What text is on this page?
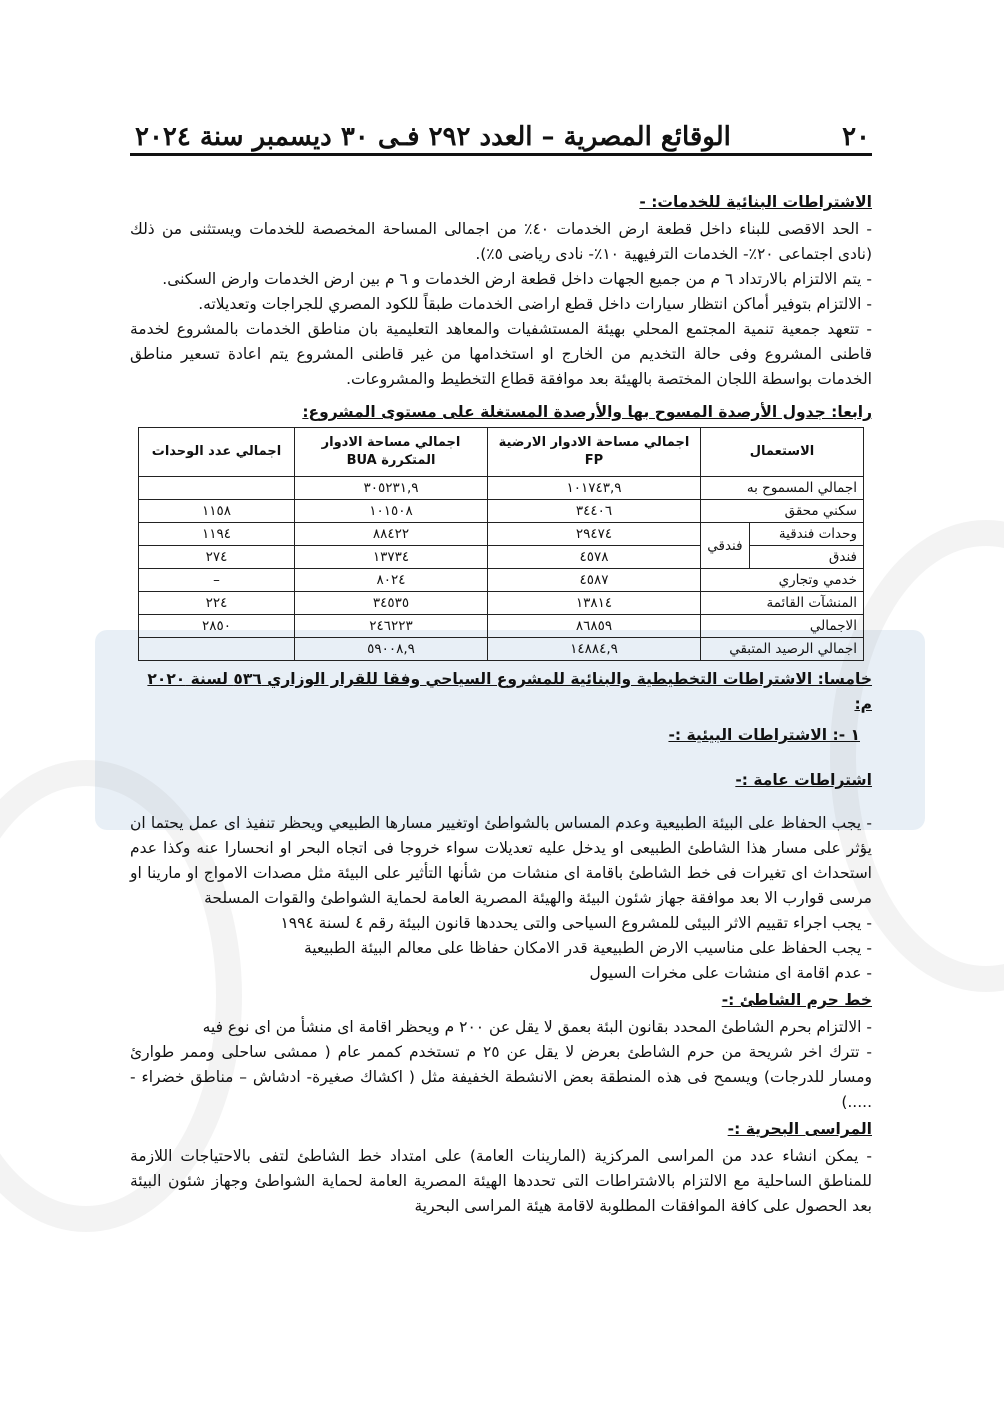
٢٠
الوقائع المصرية – العدد ٢٩٢ فـى ٣٠ ديسمبر سنة ٢٠٢٤
الاشتراطات البنائية للخدمات: -

- الحد الاقصى للبناء داخل قطعة ارض الخدمات ٤٠٪ من اجمالى المساحة المخصصة للخدمات ويستثنى من ذلك (نادى اجتماعى ٢٠٪- الخدمات الترفيهية ١٠٪- نادى رياضى ٥٪).

- يتم الالتزام بالارتداد ٦ م من جميع الجهات داخل قطعة ارض الخدمات و ٦ م بين ارض الخدمات وارض السكنى.

- الالتزام بتوفير أماكن انتظار سيارات داخل قطع اراضى الخدمات طبقاً للكود المصري للجراجات وتعديلاته.

- تتعهد جمعية تنمية المجتمع المحلي بهيئة المستشفيات والمعاهد التعليمية بان مناطق الخدمات بالمشروع لخدمة قاطنى المشروع وفى حالة التخديم من الخارج او استخدامها من غير قاطنى المشروع يتم اعادة تسعير مناطق الخدمات بواسطة اللجان المختصة بالهيئة بعد موافقة قطاع التخطيط والمشروعات.

رابعا: جدول الأرصدة المسوح بها والأرصدة المستغلة على مستوى المشروع:
الاستعمال		اجمالي مساحة الادوار الارضية FP	اجمالي مساحة الادوار المتكررة BUA	اجمالي عدد الوحدات
اجمالي المسموح به		١٠١٧٤٣,٩	٣٠٥٢٣١,٩	
سكني محقق		٣٤٤٠٦	١٠١٥٠٨	١١٥٨
وحدات فندقية	فندقي	٢٩٤٧٤	٨٨٤٢٢	١١٩٤
فندق		٤٥٧٨	١٣٧٣٤	٢٧٤
خدمي وتجاري		٤٥٨٧	٨٠٢٤	–
المنشآت القائمة		١٣٨١٤	٣٤٥٣٥	٢٢٤
الاجمالي		٨٦٨٥٩	٢٤٦٢٢٣	٢٨٥٠
اجمالي الرصيد المتبقي		١٤٨٨٤,٩	٥٩٠٠٨,٩	
خامسا: الاشتراطات التخطيطية والبنائية للمشروع السياحي وفقا للقرار الوزاري ٥٣٦ لسنة ٢٠٢٠ م:
١ -: الاشتراطات البيئية :-
اشتراطات عامة :-

- يجب الحفاظ على البيئة الطبيعية وعدم المساس بالشواطئ اوتغيير مسارها الطبيعي ويحظر تنفيذ اى عمل يحتما ان يؤثر على مسار هذا الشاطئ الطبيعى او يدخل عليه تعديلات سواء خروجا فى اتجاه البحر او انحسارا عنه وكذا عدم استحداث اى تغيرات فى خط الشاطئ باقامة اى منشات من شأنها التأثير على البيئة مثل مصدات الامواج او مارينا او مرسى قوارب الا بعد موافقة جهاز شئون البيئة والهيئة المصرية العامة لحماية الشواطئ والقوات المسلحة

- يجب اجراء تقييم الاثر البيئى للمشروع السياحى والتى يحددها قانون البيئة رقم ٤ لسنة ١٩٩٤

- يجب الحفاظ على مناسيب الارض الطبيعية قدر الامكان حفاظا على معالم البيئة الطبيعية

- عدم اقامة اى منشات على مخرات السيول

خط حرم الشاطئ :-

- الالتزام بحرم الشاطئ المحدد بقانون البئة بعمق لا يقل عن ٢٠٠ م ويحظر اقامة اى منشأ من اى نوع فيه

- تترك اخر شريحة من حرم الشاطئ بعرض لا يقل عن ٢٥ م تستخدم كممر عام ( ممشى ساحلى وممر طوارئ ومسار للدرجات) ويسمح فى هذه المنطقة بعض الانشطة الخفيفة مثل ( اكشاك صغيرة- ادشاش – مناطق خضراء - .....)

المراسى البحرية :-

- يمكن انشاء عدد من المراسى المركزية (المارينات العامة) على امتداد خط الشاطئ لتفى بالاحتياجات اللازمة للمناطق الساحلية مع الالتزام بالاشتراطات التى تحددها الهيئة المصرية العامة لحماية الشواطئ وجهاز شئون البيئة بعد الحصول على كافة الموافقات المطلوبة لاقامة هيئة المراسى البحرية
